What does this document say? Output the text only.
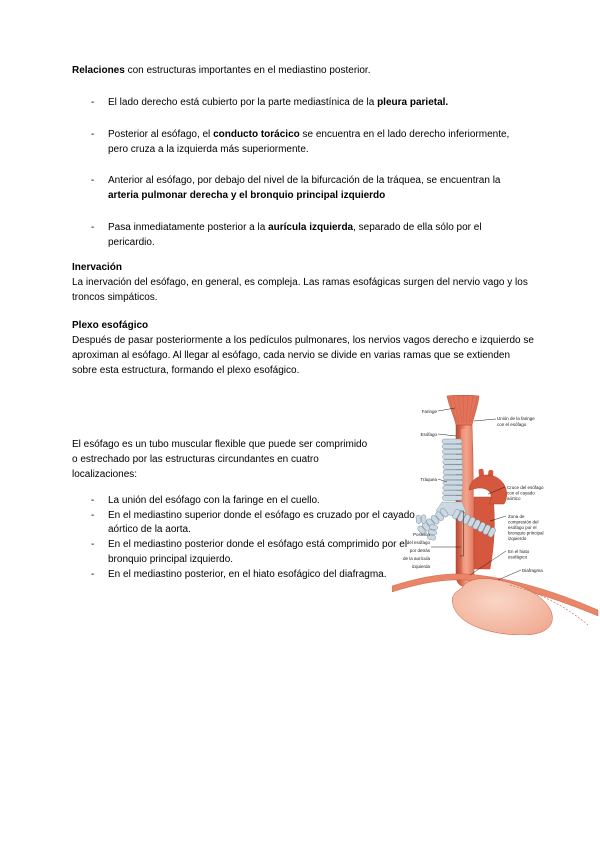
Relaciones con estructuras importantes en el mediastino posterior.

-	El lado derecho está cubierto por la parte mediastínica de la pleura parietal.
-	Posterior al esófago, el conducto torácico se encuentra en el lado derecho inferiormente, pero cruza a la izquierda más superiormente.
-	Anterior al esófago, por debajo del nivel de la bifurcación de la tráquea, se encuentran la arteria pulmonar derecha y el bronquio principal izquierdo
-	Pasa inmediatamente posterior a la aurícula izquierda, separado de ella sólo por el pericardio.
Inervación

La inervación del esófago, en general, es compleja. Las ramas esofágicas surgen del nervio vago y los troncos simpáticos.

Plexo esofágico

Después de pasar posteriormente a los pedículos pulmonares, los nervios vagos derecho e izquierdo se aproximan al esófago. Al llegar al esófago, cada nervio se divide en varias ramas que se extienden sobre esta estructura, formando el plexo esofágico.

El esófago es un tubo muscular flexible que puede ser comprimido o estrechado por las estructuras circundantes en cuatro localizaciones:

-	La unión del esófago con la faringe en el cuello.
-	En el mediastino superior donde el esófago es cruzado por el cayado aórtico de la aorta.
-	En el mediastino posterior donde el esófago está comprimido por el bronquio principal izquierdo.
-	En el mediastino posterior, en el hiato esofágico del diafragma.
Faringe
Esófago
Tráquea
Posición
del esófago
por detrás
de la aurícula
izquierda
Unión de la faringe
con el esófago
Cruce del esófago
con el cayado
aórtico
Zona de
compresión del
esófago por el
bronquio principal
izquierdo
En el hiato
esofágico
Diafragma
